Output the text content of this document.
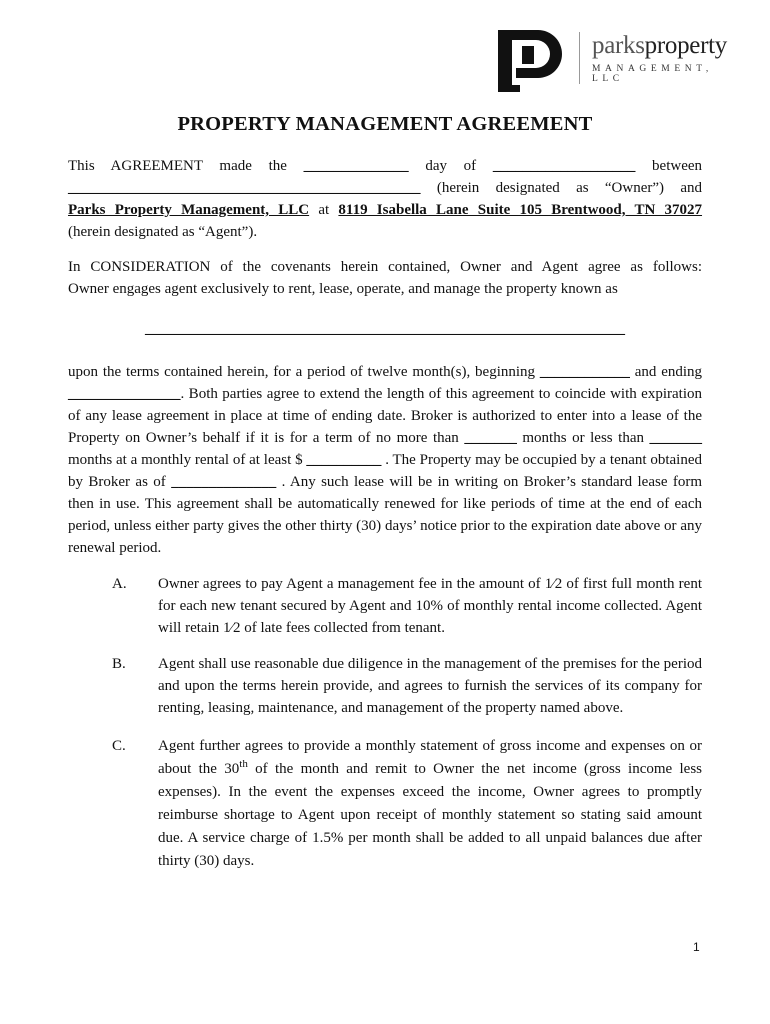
parksproperty
MANAGEMENT, LLC
PROPERTY MANAGEMENT AGREEMENT

This AGREEMENT made the ______________ day of ___________________ between

_______________________________________________ (herein designated as “Owner”) and

Parks Property Management, LLC at 8119 Isabella Lane Suite 105 Brentwood, TN 37027

(herein designated as “Agent”).

In CONSIDERATION of the covenants herein contained, Owner and Agent agree as follows:

Owner engages agent exclusively to rent, lease, operate, and manage the property known as

________________________________________________________________

upon the terms contained herein, for a period of twelve month(s), beginning ____________ and ending _______________. Both parties agree to extend the length of this agreement to coincide with expiration of any lease agreement in place at time of ending date. Broker is authorized to enter into a lease of the Property on Owner’s behalf if it is for a term of no more than _______ months or less than _______ months at a monthly rental of at least $ __________ . The Property may be occupied by a tenant obtained by Broker as of ______________ . Any such lease will be in writing on Broker’s standard lease form then in use. This agreement shall be automatically renewed for like periods of time at the end of each period, unless either party gives the other thirty (30) days’ notice prior to the expiration date above or any renewal period.

A.	Owner agrees to pay Agent a management fee in the amount of 1⁄2 of first full month rent for each new tenant secured by Agent and 10% of monthly rental income collected. Agent will retain 1⁄2 of late fees collected from tenant.
B.	Agent shall use reasonable due diligence in the management of the premises for the period and upon the terms herein provide, and agrees to furnish the services of its company for renting, leasing, maintenance, and management of the property named above.
C.	Agent further agrees to provide a monthly statement of gross income and expenses on or about the 30th of the month and remit to Owner the net income (gross income less expenses). In the event the expenses exceed the income, Owner agrees to promptly reimburse shortage to Agent upon receipt of monthly statement so stating said amount due. A service charge of 1.5% per month shall be added to all unpaid balances due after thirty (30) days.
1
